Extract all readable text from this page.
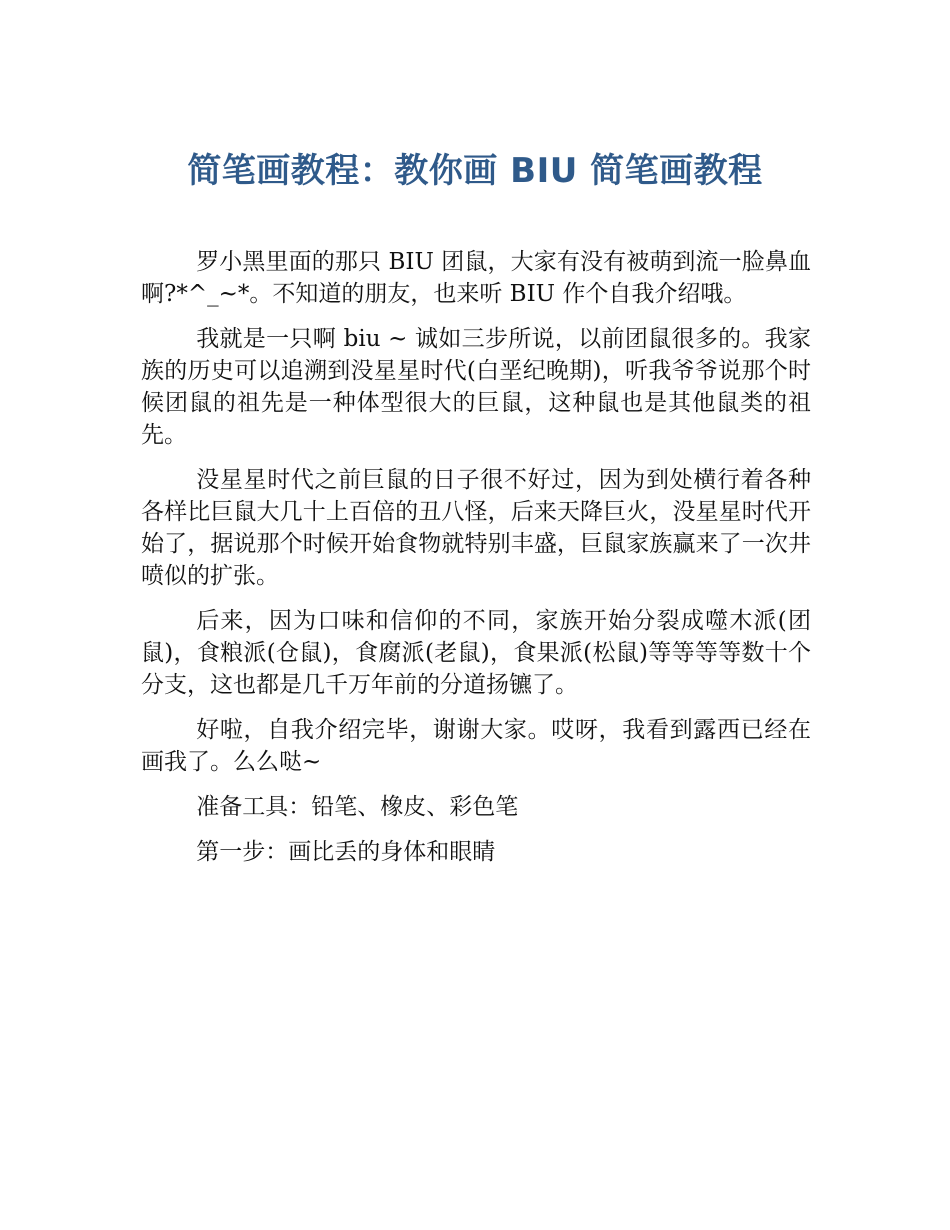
简笔画教程：教你画 BIU 简笔画教程

罗小黑里面的那只 BIU 团鼠，大家有没有被萌到流一脸鼻血啊?*^_~*。不知道的朋友，也来听 BIU 作个自我介绍哦。

我就是一只啊 biu ~ 诚如三步所说，以前团鼠很多的。我家族的历史可以追溯到没星星时代(白垩纪晚期)，听我爷爷说那个时候团鼠的祖先是一种体型很大的巨鼠，这种鼠也是其他鼠类的祖先。

没星星时代之前巨鼠的日子很不好过，因为到处横行着各种各样比巨鼠大几十上百倍的丑八怪，后来天降巨火，没星星时代开始了，据说那个时候开始食物就特别丰盛，巨鼠家族赢来了一次井喷似的扩张。

后来，因为口味和信仰的不同，家族开始分裂成噬木派(团鼠)，食粮派(仓鼠)，食腐派(老鼠)，食果派(松鼠)等等等等数十个分支，这也都是几千万年前的分道扬镳了。

好啦，自我介绍完毕，谢谢大家。哎呀，我看到露西已经在画我了。么么哒~

准备工具：铅笔、橡皮、彩色笔

第一步：画比丢的身体和眼睛
